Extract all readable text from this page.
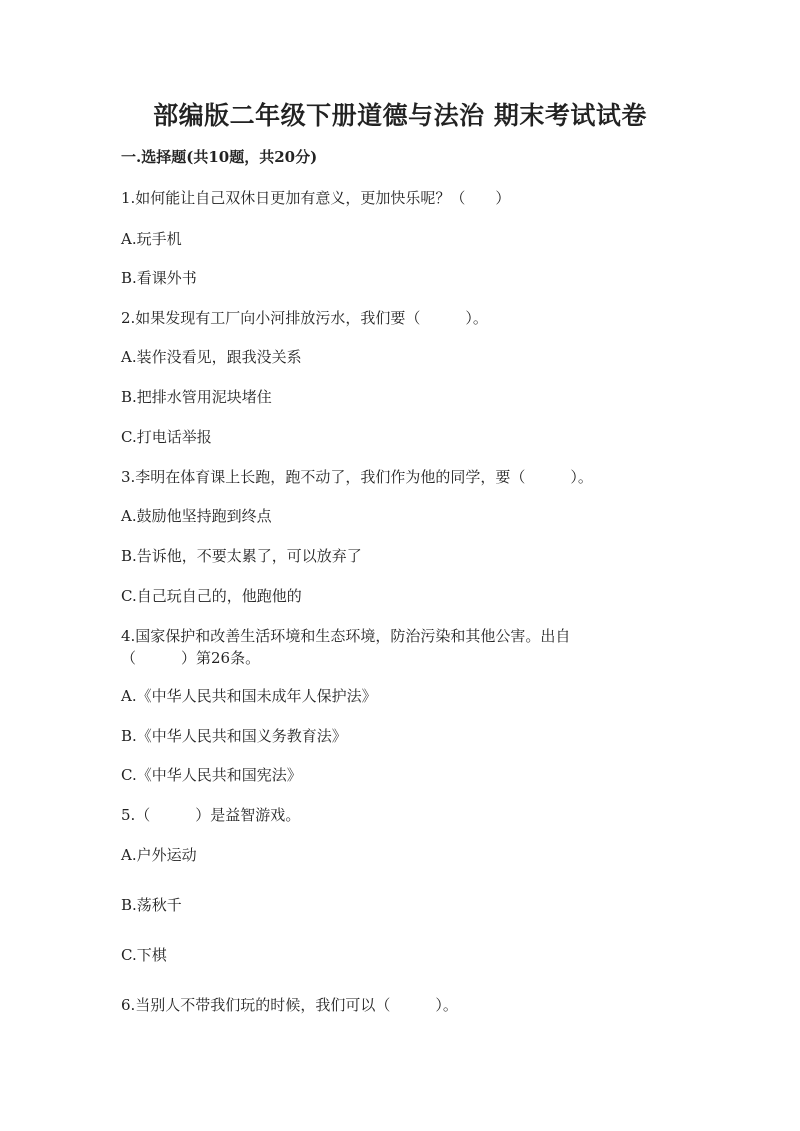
部编版二年级下册道德与法治 期末考试试卷
一.选择题(共10题，共20分)
1.如何能让自己双休日更加有意义，更加快乐呢？（　　）
A.玩手机
B.看课外书
2.如果发现有工厂向小河排放污水，我们要（　　　）。
A.装作没看见，跟我没关系
B.把排水管用泥块堵住
C.打电话举报
3.李明在体育课上长跑，跑不动了，我们作为他的同学，要（　　　）。
A.鼓励他坚持跑到终点
B.告诉他，不要太累了，可以放弃了
C.自己玩自己的，他跑他的
4.国家保护和改善生活环境和生态环境，防治污染和其他公害。出自
（　　　）第26条。
A.《中华人民共和国未成年人保护法》
B.《中华人民共和国义务教育法》
C.《中华人民共和国宪法》
5.（　　　）是益智游戏。
A.户外运动
B.荡秋千
C.下棋
6.当别人不带我们玩的时候，我们可以（　　　）。
